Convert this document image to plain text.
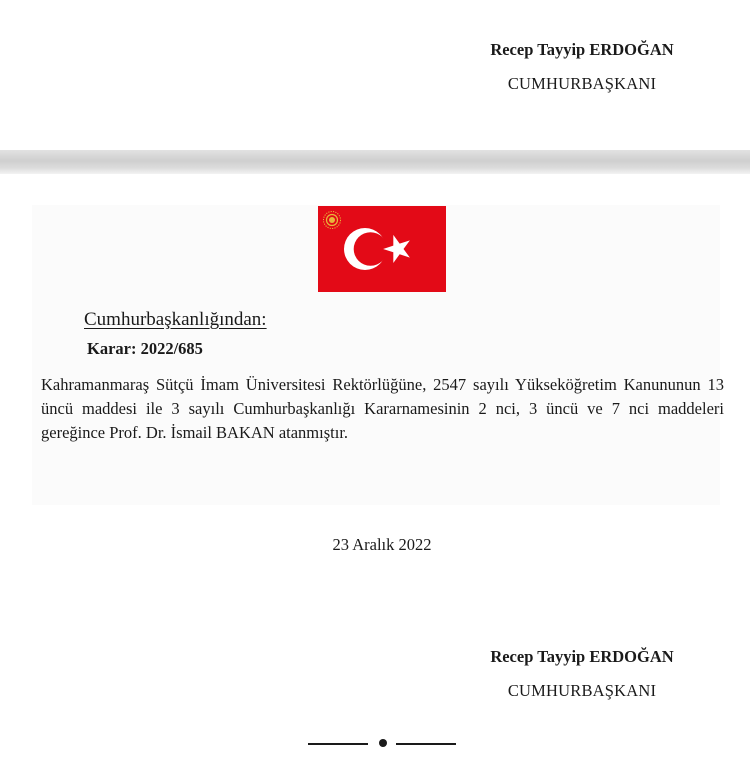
Recep Tayyip ERDOĞAN
CUMHURBAŞKANI
Cumhurbaşkanlığından:
Karar: 2022/685
Kahramanmaraş Sütçü İmam Üniversitesi Rektörlüğüne, 2547 sayılı Yükseköğretim Kanununun 13 üncü maddesi ile 3 sayılı Cumhurbaşkanlığı Kararnamesinin 2 nci, 3 üncü ve 7 nci maddeleri gereğince Prof. Dr. İsmail BAKAN atanmıştır.
23 Aralık 2022
Recep Tayyip ERDOĞAN
CUMHURBAŞKANI
